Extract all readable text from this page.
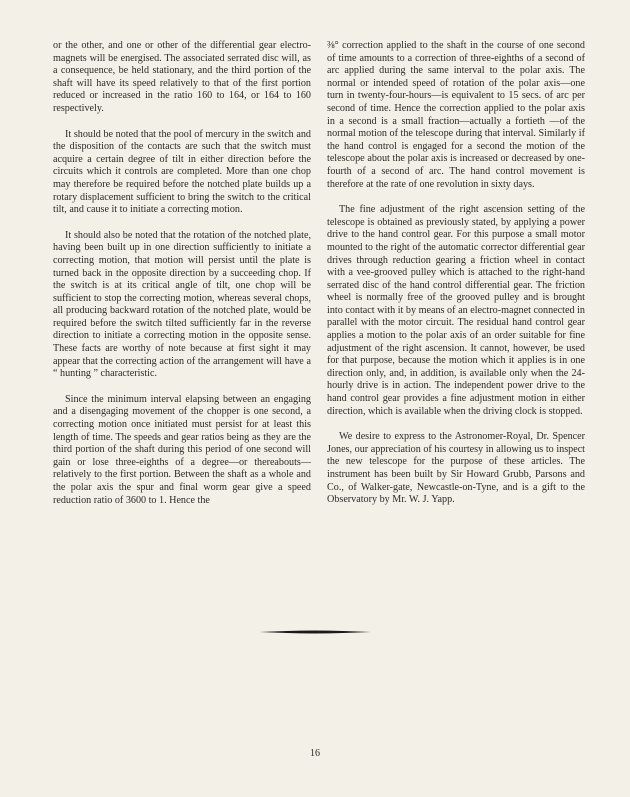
or the other, and one or other of the differential gear electro-magnets will be energised. The associated serrated disc will, as a consequence, be held stationary, and the third portion of the shaft will have its speed relatively to that of the first portion reduced or increased in the ratio 160 to 164, or 164 to 160 respectively.

It should be noted that the pool of mercury in the switch and the disposition of the contacts are such that the switch must acquire a certain degree of tilt in either direction before the circuits which it controls are completed. More than one chop may therefore be required before the notched plate builds up a rotary displacement sufficient to bring the switch to the critical tilt, and cause it to initiate a correcting motion.

It should also be noted that the rotation of the notched plate, having been built up in one direction sufficiently to initiate a correcting motion, that motion will persist until the plate is turned back in the opposite direction by a succeeding chop. If the switch is at its critical angle of tilt, one chop will be sufficient to stop the correcting motion, whereas several chops, all producing backward rotation of the notched plate, would be required before the switch tilted sufficiently far in the reverse direction to initiate a correcting motion in the opposite sense. These facts are worthy of note because at first sight it may appear that the correcting action of the arrangement will have a “ hunting ” characteristic.

Since the minimum interval elapsing between an engaging and a disengaging movement of the chopper is one second, a correcting motion once initiated must persist for at least this length of time. The speeds and gear ratios being as they are the third portion of the shaft during this period of one second will gain or lose three-eighths of a degree—or thereabouts—relatively to the first portion. Between the shaft as a whole and the polar axis the spur and final worm gear give a speed reduction ratio of 3600 to 1. Hence the

⅜° correction applied to the shaft in the course of one second of time amounts to a correction of three-eighths of a second of arc applied during the same interval to the polar axis. The normal or intended speed of rotation of the polar axis—one turn in twenty-four-hours—is equivalent to 15 secs. of arc per second of time. Hence the correction applied to the polar axis in a second is a small fraction—actually a fortieth —of the normal motion of the telescope during that interval. Similarly if the hand control is engaged for a second the motion of the telescope about the polar axis is increased or decreased by one-fourth of a second of arc. The hand control movement is therefore at the rate of one revolution in sixty days.

The fine adjustment of the right ascension setting of the telescope is obtained as previously stated, by applying a power drive to the hand control gear. For this purpose a small motor mounted to the right of the automatic corrector differential gear drives through reduction gearing a friction wheel in contact with a vee-grooved pulley which is attached to the right-hand serrated disc of the hand control differential gear. The friction wheel is normally free of the grooved pulley and is brought into contact with it by means of an electro-magnet connected in parallel with the motor circuit. The residual hand control gear applies a motion to the polar axis of an order suitable for fine adjustment of the right ascension. It cannot, however, be used for that purpose, because the motion which it applies is in one direction only, and, in addition, is available only when the 24-hourly drive is in action. The independent power drive to the hand control gear provides a fine adjustment motion in either direction, which is available when the driving clock is stopped.

We desire to express to the Astronomer-Royal, Dr. Spencer Jones, our appreciation of his courtesy in allowing us to inspect the new telescope for the purpose of these articles. The instrument has been built by Sir Howard Grubb, Parsons and Co., of Walker-gate, Newcastle-on-Tyne, and is a gift to the Observatory by Mr. W. J. Yapp.

16
